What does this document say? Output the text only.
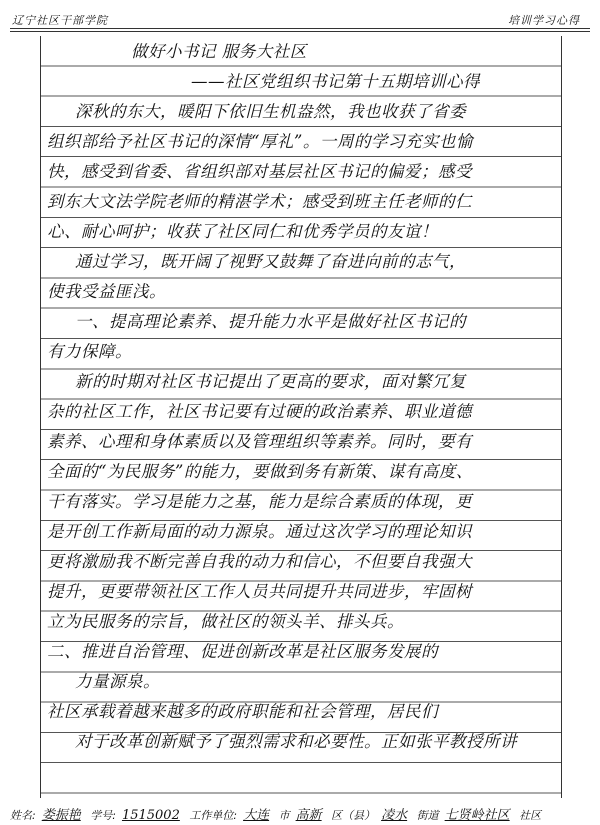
辽宁社区干部学院	培训学习心得
做好小书记 服务大社区
——社区党组织书记第十五期培训心得
深秋的东大，暖阳下依旧生机盎然，我也收获了省委
组织部给予社区书记的深情“厚礼”。一周的学习充实也愉
快，感受到省委、省组织部对基层社区书记的偏爱；感受
到东大文法学院老师的精湛学术；感受到班主任老师的仁
心、耐心呵护；收获了社区同仁和优秀学员的友谊！
通过学习，既开阔了视野又鼓舞了奋进向前的志气，
使我受益匪浅。
一、提高理论素养、提升能力水平是做好社区书记的
有力保障。
新的时期对社区书记提出了更高的要求，面对繁冗复
杂的社区工作，社区书记要有过硬的政治素养、职业道德
素养、心理和身体素质以及管理组织等素养。同时，要有
全面的“为民服务”的能力，要做到务有新策、谋有高度、
干有落实。学习是能力之基，能力是综合素质的体现，更
是开创工作新局面的动力源泉。通过这次学习的理论知识
更将激励我不断完善自我的动力和信心，不但要自我强大
提升，更要带领社区工作人员共同提升共同进步，牢固树
立为民服务的宗旨，做社区的领头羊、排头兵。
二、推进自治管理、促进创新改革是社区服务发展的
力量源泉。
社区承载着越来越多的政府职能和社会管理，居民们
对于改革创新赋予了强烈需求和必要性。正如张平教授所讲
姓名: 娄振艳 学号: 1515002 工作单位: 大连 市 高新 区（县） 凌水 街道 七贤岭社区 社区
